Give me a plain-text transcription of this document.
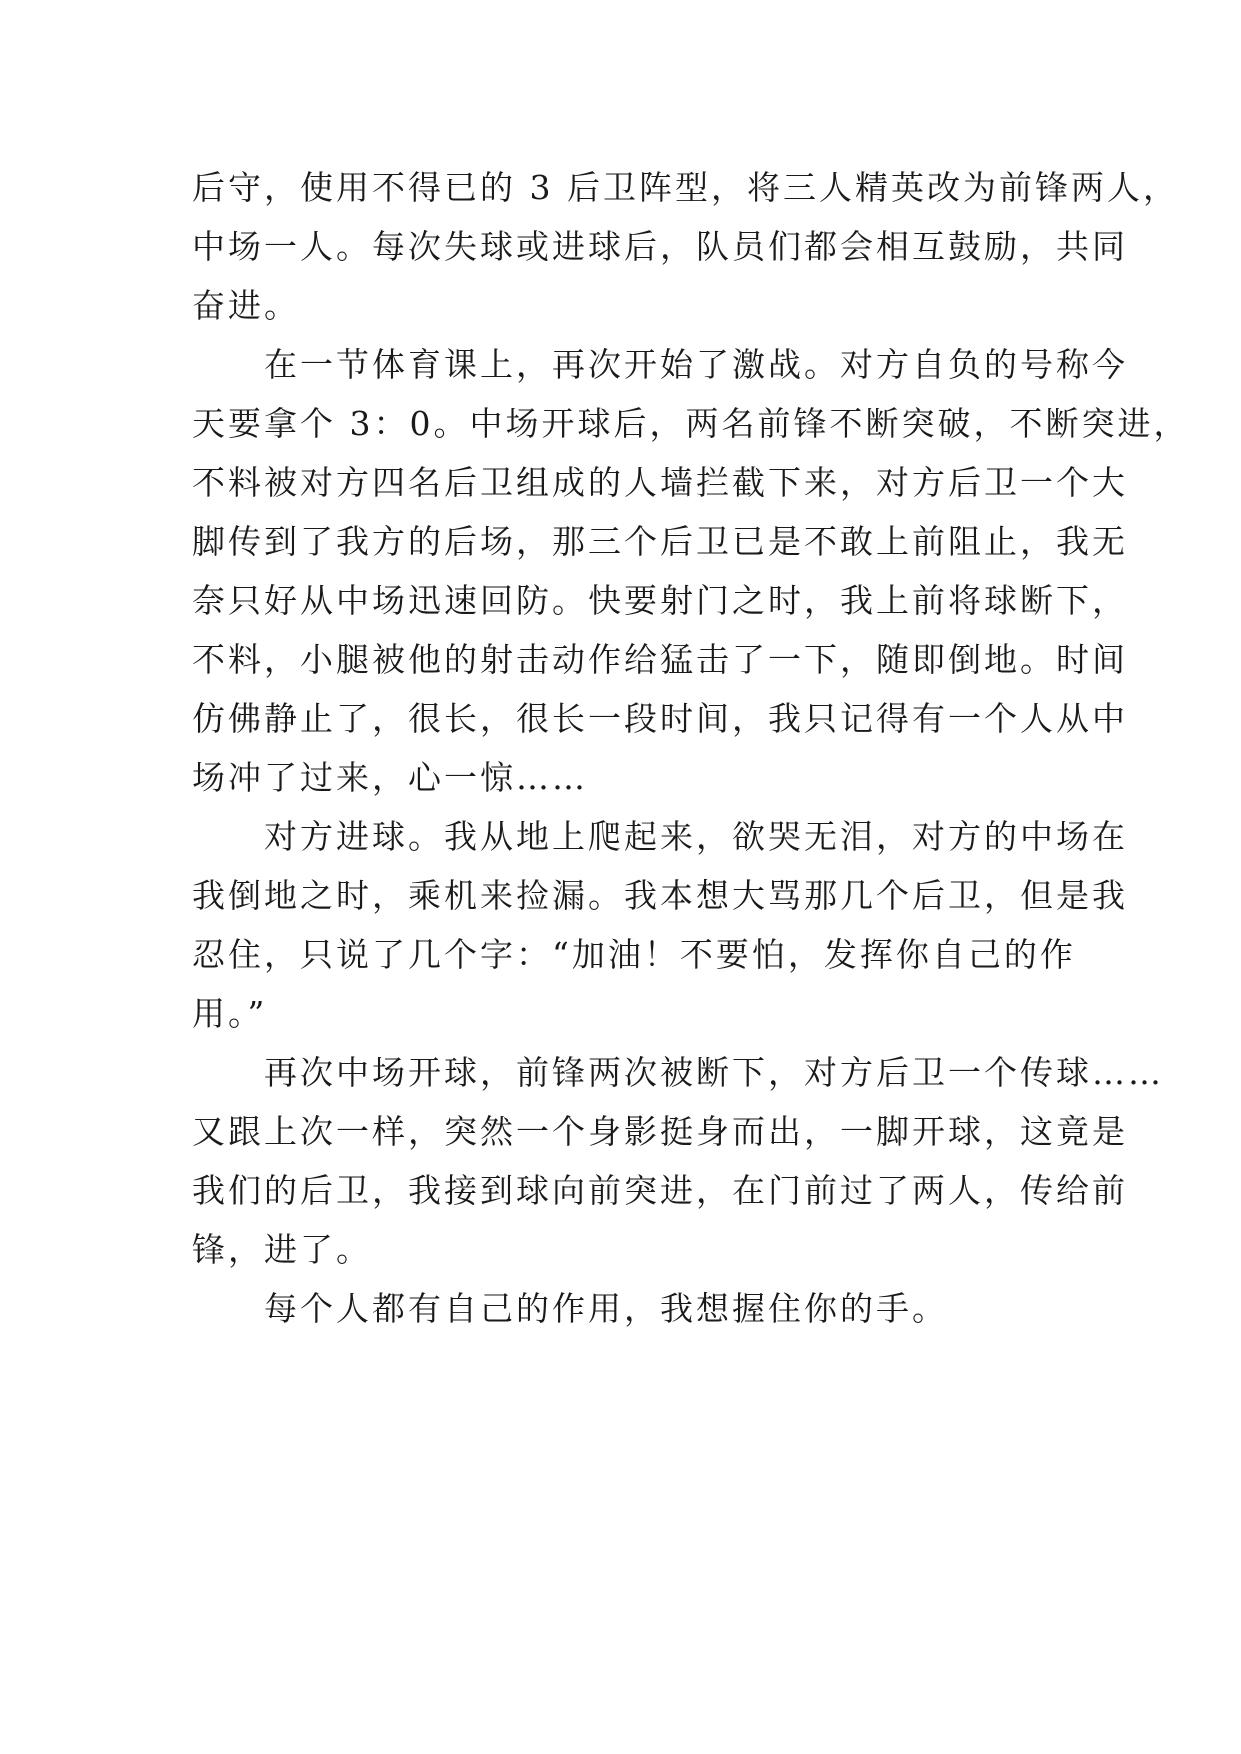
后守，使用不得已的 3 后卫阵型，将三人精英改为前锋两人，
中场一人。每次失球或进球后，队员们都会相互鼓励，共同
奋进。
　　在一节体育课上，再次开始了激战。对方自负的号称今
天要拿个 3：0。中场开球后，两名前锋不断突破，不断突进，
不料被对方四名后卫组成的人墙拦截下来，对方后卫一个大
脚传到了我方的后场，那三个后卫已是不敢上前阻止，我无
奈只好从中场迅速回防。快要射门之时，我上前将球断下，
不料，小腿被他的射击动作给猛击了一下，随即倒地。时间
仿佛静止了，很长，很长一段时间，我只记得有一个人从中
场冲了过来，心一惊……
　　对方进球。我从地上爬起来，欲哭无泪，对方的中场在
我倒地之时，乘机来捡漏。我本想大骂那几个后卫，但是我
忍住，只说了几个字：“加油！不要怕，发挥你自己的作
用。”
　　再次中场开球，前锋两次被断下，对方后卫一个传球……
又跟上次一样，突然一个身影挺身而出，一脚开球，这竟是
我们的后卫，我接到球向前突进，在门前过了两人，传给前
锋，进了。
　　每个人都有自己的作用，我想握住你的手。
